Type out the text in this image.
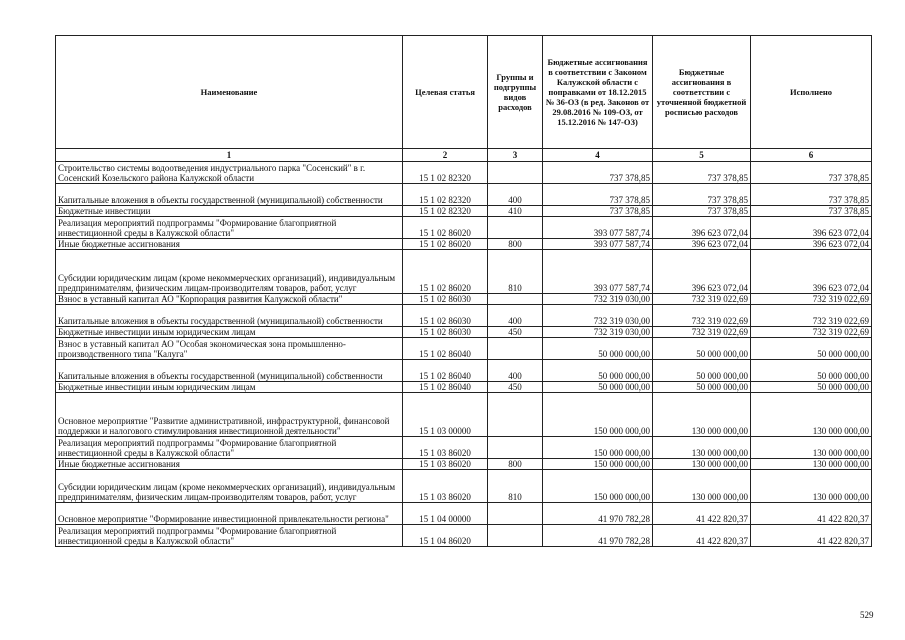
Наименование	Целевая статья	Группы и подгруппы видов расходов	Бюджетные ассигнования в соответствии с Законом Калужской области с поправками от 18.12.2015 № 36-ОЗ (в ред. Законов от 29.08.2016 № 109-ОЗ, от 15.12.2016 № 147-ОЗ)	Бюджетные ассигнования в соответствии с уточненной бюджетной росписью расходов	Исполнено
1	2	3	4	5	6
Строительство системы водоотведения индустриального парка "Сосенский" в г. Сосенский Козельского района Калужской области	15 1 02 82320		737 378,85	737 378,85	737 378,85
Капитальные вложения в объекты государственной (муниципальной) собственности	15 1 02 82320	400	737 378,85	737 378,85	737 378,85
Бюджетные инвестиции	15 1 02 82320	410	737 378,85	737 378,85	737 378,85
Реализация мероприятий подпрограммы "Формирование благоприятной инвестиционной среды в Калужской области"	15 1 02 86020		393 077 587,74	396 623 072,04	396 623 072,04
Иные бюджетные ассигнования	15 1 02 86020	800	393 077 587,74	396 623 072,04	396 623 072,04
Субсидии юридическим лицам (кроме некоммерческих организаций), индивидуальным предпринимателям, физическим лицам-производителям товаров, работ, услуг	15 1 02 86020	810	393 077 587,74	396 623 072,04	396 623 072,04
Взнос в уставный капитал АО "Корпорация развития Калужской области"	15 1 02 86030		732 319 030,00	732 319 022,69	732 319 022,69
Капитальные вложения в объекты государственной (муниципальной) собственности	15 1 02 86030	400	732 319 030,00	732 319 022,69	732 319 022,69
Бюджетные инвестиции иным юридическим лицам	15 1 02 86030	450	732 319 030,00	732 319 022,69	732 319 022,69
Взнос в уставный капитал АО "Особая экономическая зона промышленно-производственного типа "Калуга"	15 1 02 86040		50 000 000,00	50 000 000,00	50 000 000,00
Капитальные вложения в объекты государственной (муниципальной) собственности	15 1 02 86040	400	50 000 000,00	50 000 000,00	50 000 000,00
Бюджетные инвестиции иным юридическим лицам	15 1 02 86040	450	50 000 000,00	50 000 000,00	50 000 000,00
Основное мероприятие "Развитие административной, инфраструктурной, финансовой поддержки и налогового стимулирования инвестиционной деятельности"	15 1 03 00000		150 000 000,00	130 000 000,00	130 000 000,00
Реализация мероприятий подпрограммы "Формирование благоприятной инвестиционной среды в Калужской области"	15 1 03 86020		150 000 000,00	130 000 000,00	130 000 000,00
Иные бюджетные ассигнования	15 1 03 86020	800	150 000 000,00	130 000 000,00	130 000 000,00
Субсидии юридическим лицам (кроме некоммерческих организаций), индивидуальным предпринимателям, физическим лицам-производителям товаров, работ, услуг	15 1 03 86020	810	150 000 000,00	130 000 000,00	130 000 000,00
Основное мероприятие "Формирование инвестиционной привлекательности региона"	15 1 04 00000		41 970 782,28	41 422 820,37	41 422 820,37
Реализация мероприятий подпрограммы "Формирование благоприятной инвестиционной среды в Калужской области"	15 1 04 86020		41 970 782,28	41 422 820,37	41 422 820,37
529
